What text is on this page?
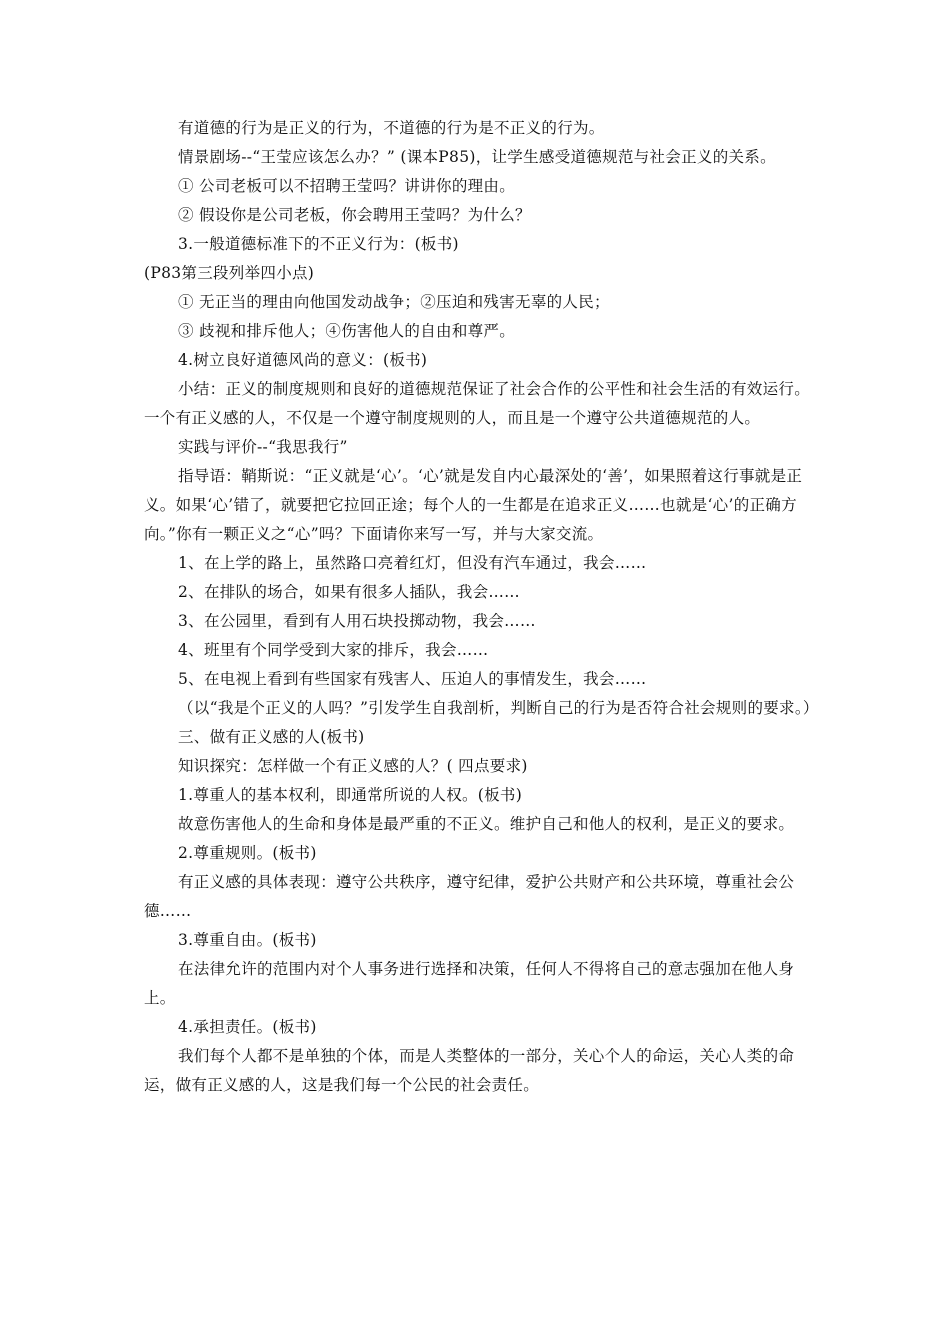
有道德的行为是正义的行为，不道德的行为是不正义的行为。

情景剧场--“王莹应该怎么办？” (课本P85)，让学生感受道德规范与社会正义的关系。

① 公司老板可以不招聘王莹吗？讲讲你的理由。

② 假设你是公司老板，你会聘用王莹吗？为什么？

3.一般道德标准下的不正义行为：(板书)

(P83第三段列举四小点)

① 无正当的理由向他国发动战争；②压迫和残害无辜的人民；

③ 歧视和排斥他人；④伤害他人的自由和尊严。

4.树立良好道德风尚的意义：(板书)

小结：正义的制度规则和良好的道德规范保证了社会合作的公平性和社会生活的有效运行。一个有正义感的人，不仅是一个遵守制度规则的人，而且是一个遵守公共道德规范的人。

实践与评价--“我思我行”

指导语：鞘斯说：“正义就是‘心’。‘心’就是发自内心最深处的‘善’，如果照着这行事就是正义。如果‘心’错了，就要把它拉回正途；每个人的一生都是在追求正义……也就是‘心’的正确方向。”你有一颗正义之“心”吗？下面请你来写一写，并与大家交流。

1、在上学的路上，虽然路口亮着红灯，但没有汽车通过，我会……

2、在排队的场合，如果有很多人插队，我会……

3、在公园里，看到有人用石块投掷动物，我会……

4、班里有个同学受到大家的排斥，我会……

5、在电视上看到有些国家有残害人、压迫人的事情发生，我会……

（以“我是个正义的人吗？”引发学生自我剖析，判断自己的行为是否符合社会规则的要求。）

三、做有正义感的人(板书)

知识探究：怎样做一个有正义感的人？( 四点要求)

1.尊重人的基本权利，即通常所说的人权。(板书)

故意伤害他人的生命和身体是最严重的不正义。维护自己和他人的权利，是正义的要求。

2.尊重规则。(板书)

有正义感的具体表现：遵守公共秩序，遵守纪律，爱护公共财产和公共环境，尊重社会公德……

3.尊重自由。(板书)

在法律允许的范围内对个人事务进行选择和决策，任何人不得将自己的意志强加在他人身上。

4.承担责任。(板书)

我们每个人都不是单独的个体，而是人类整体的一部分，关心个人的命运，关心人类的命运，做有正义感的人，这是我们每一个公民的社会责任。
